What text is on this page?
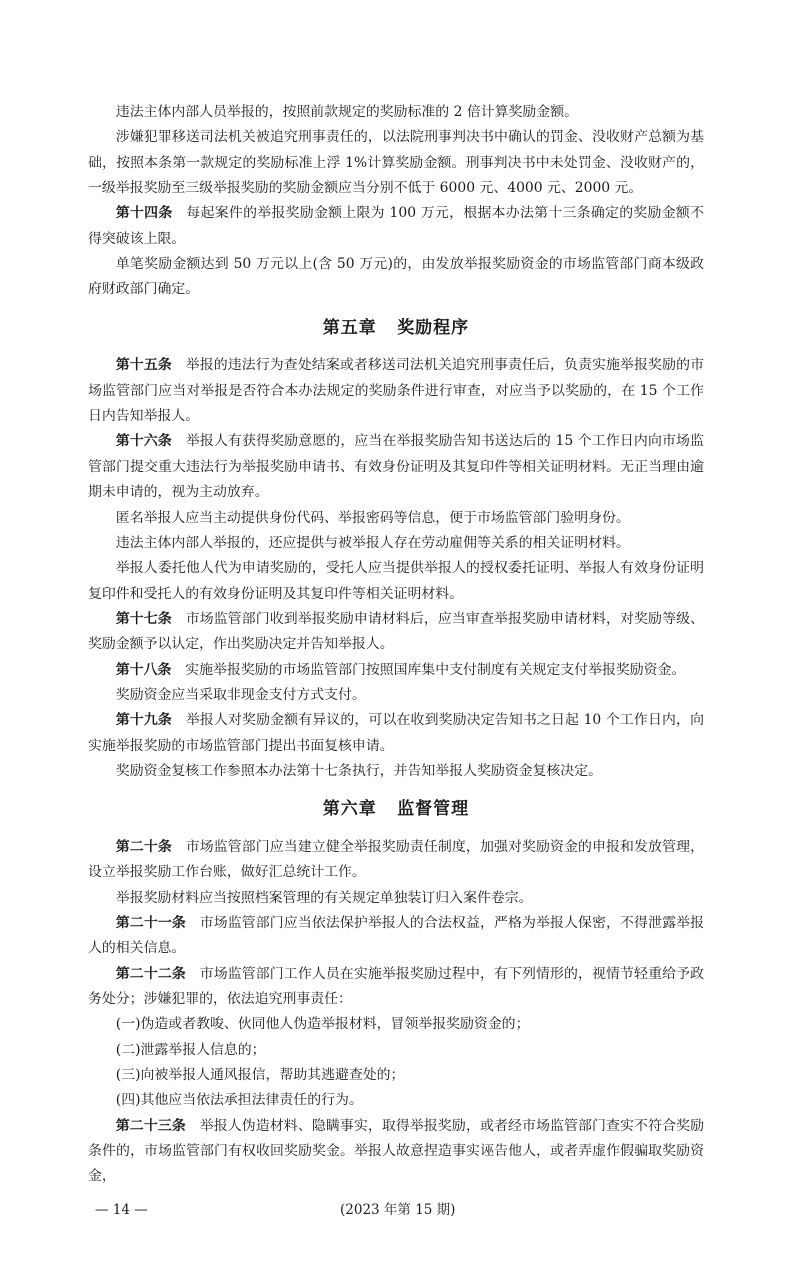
违法主体内部人员举报的，按照前款规定的奖励标准的 2 倍计算奖励金额。

涉嫌犯罪移送司法机关被追究刑事责任的，以法院刑事判决书中确认的罚金、没收财产总额为基础，按照本条第一款规定的奖励标准上浮 1%计算奖励金额。刑事判决书中未处罚金、没收财产的，一级举报奖励至三级举报奖励的奖励金额应当分别不低于 6000 元、4000 元、2000 元。

第十四条 每起案件的举报奖励金额上限为 100 万元，根据本办法第十三条确定的奖励金额不得突破该上限。

单笔奖励金额达到 50 万元以上(含 50 万元)的，由发放举报奖励资金的市场监管部门商本级政府财政部门确定。

第五章 奖励程序

第十五条 举报的违法行为查处结案或者移送司法机关追究刑事责任后，负责实施举报奖励的市场监管部门应当对举报是否符合本办法规定的奖励条件进行审查，对应当予以奖励的，在 15 个工作日内告知举报人。

第十六条 举报人有获得奖励意愿的，应当在举报奖励告知书送达后的 15 个工作日内向市场监管部门提交重大违法行为举报奖励申请书、有效身份证明及其复印件等相关证明材料。无正当理由逾期未申请的，视为主动放弃。

匿名举报人应当主动提供身份代码、举报密码等信息，便于市场监管部门验明身份。

违法主体内部人举报的，还应提供与被举报人存在劳动雇佣等关系的相关证明材料。

举报人委托他人代为申请奖励的，受托人应当提供举报人的授权委托证明、举报人有效身份证明复印件和受托人的有效身份证明及其复印件等相关证明材料。

第十七条 市场监管部门收到举报奖励申请材料后，应当审查举报奖励申请材料，对奖励等级、奖励金额予以认定，作出奖励决定并告知举报人。

第十八条 实施举报奖励的市场监管部门按照国库集中支付制度有关规定支付举报奖励资金。

奖励资金应当采取非现金支付方式支付。

第十九条 举报人对奖励金额有异议的，可以在收到奖励决定告知书之日起 10 个工作日内，向实施举报奖励的市场监管部门提出书面复核申请。

奖励资金复核工作参照本办法第十七条执行，并告知举报人奖励资金复核决定。

第六章 监督管理

第二十条 市场监管部门应当建立健全举报奖励责任制度，加强对奖励资金的申报和发放管理，设立举报奖励工作台账，做好汇总统计工作。

举报奖励材料应当按照档案管理的有关规定单独装订归入案件卷宗。

第二十一条 市场监管部门应当依法保护举报人的合法权益，严格为举报人保密，不得泄露举报人的相关信息。

第二十二条 市场监管部门工作人员在实施举报奖励过程中，有下列情形的，视情节轻重给予政务处分；涉嫌犯罪的，依法追究刑事责任：

(一)伪造或者教唆、伙同他人伪造举报材料，冒领举报奖励资金的；

(二)泄露举报人信息的；

(三)向被举报人通风报信，帮助其逃避查处的；

(四)其他应当依法承担法律责任的行为。

第二十三条 举报人伪造材料、隐瞒事实，取得举报奖励，或者经市场监管部门查实不符合奖励条件的，市场监管部门有权收回奖励奖金。举报人故意捏造事实诬告他人，或者弄虚作假骗取奖励资金，

— 14 —	(2023 年第 15 期)
